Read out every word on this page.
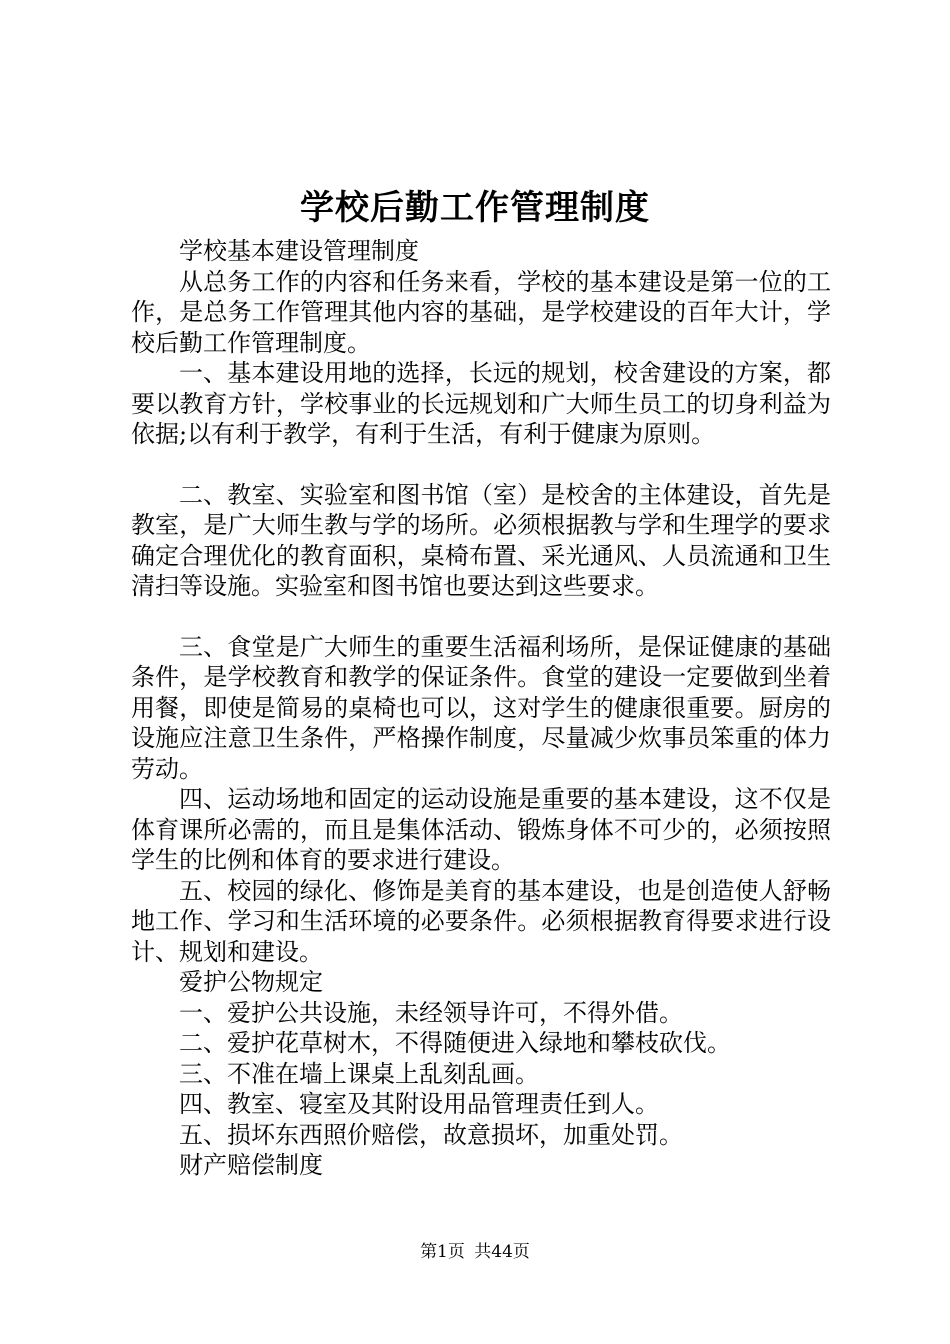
学校后勤工作管理制度

学校基本建设管理制度

从总务工作的内容和任务来看，学校的基本建设是第一位的工作，是总务工作管理其他内容的基础，是学校建设的百年大计，学校后勤工作管理制度。

一、基本建设用地的选择，长远的规划，校舍建设的方案，都要以教育方针，学校事业的长远规划和广大师生员工的切身利益为依据;以有利于教学，有利于生活，有利于健康为原则。

二、教室、实验室和图书馆（室）是校舍的主体建设，首先是教室，是广大师生教与学的场所。必须根据教与学和生理学的要求确定合理优化的教育面积，桌椅布置、采光通风、人员流通和卫生清扫等设施。实验室和图书馆也要达到这些要求。

三、食堂是广大师生的重要生活福利场所，是保证健康的基础条件，是学校教育和教学的保证条件。食堂的建设一定要做到坐着用餐，即使是简易的桌椅也可以，这对学生的健康很重要。厨房的设施应注意卫生条件，严格操作制度，尽量减少炊事员笨重的体力劳动。

四、运动场地和固定的运动设施是重要的基本建设，这不仅是体育课所必需的，而且是集体活动、锻炼身体不可少的，必须按照学生的比例和体育的要求进行建设。

五、校园的绿化、修饰是美育的基本建设，也是创造使人舒畅地工作、学习和生活环境的必要条件。必须根据教育得要求进行设计、规划和建设。

爱护公物规定

一、爱护公共设施，未经领导许可，不得外借。

二、爱护花草树木，不得随便进入绿地和攀枝砍伐。

三、不准在墙上课桌上乱刻乱画。

四、教室、寝室及其附设用品管理责任到人。

五、损坏东西照价赔偿，故意损坏，加重处罚。

财产赔偿制度

第1页 共44页
